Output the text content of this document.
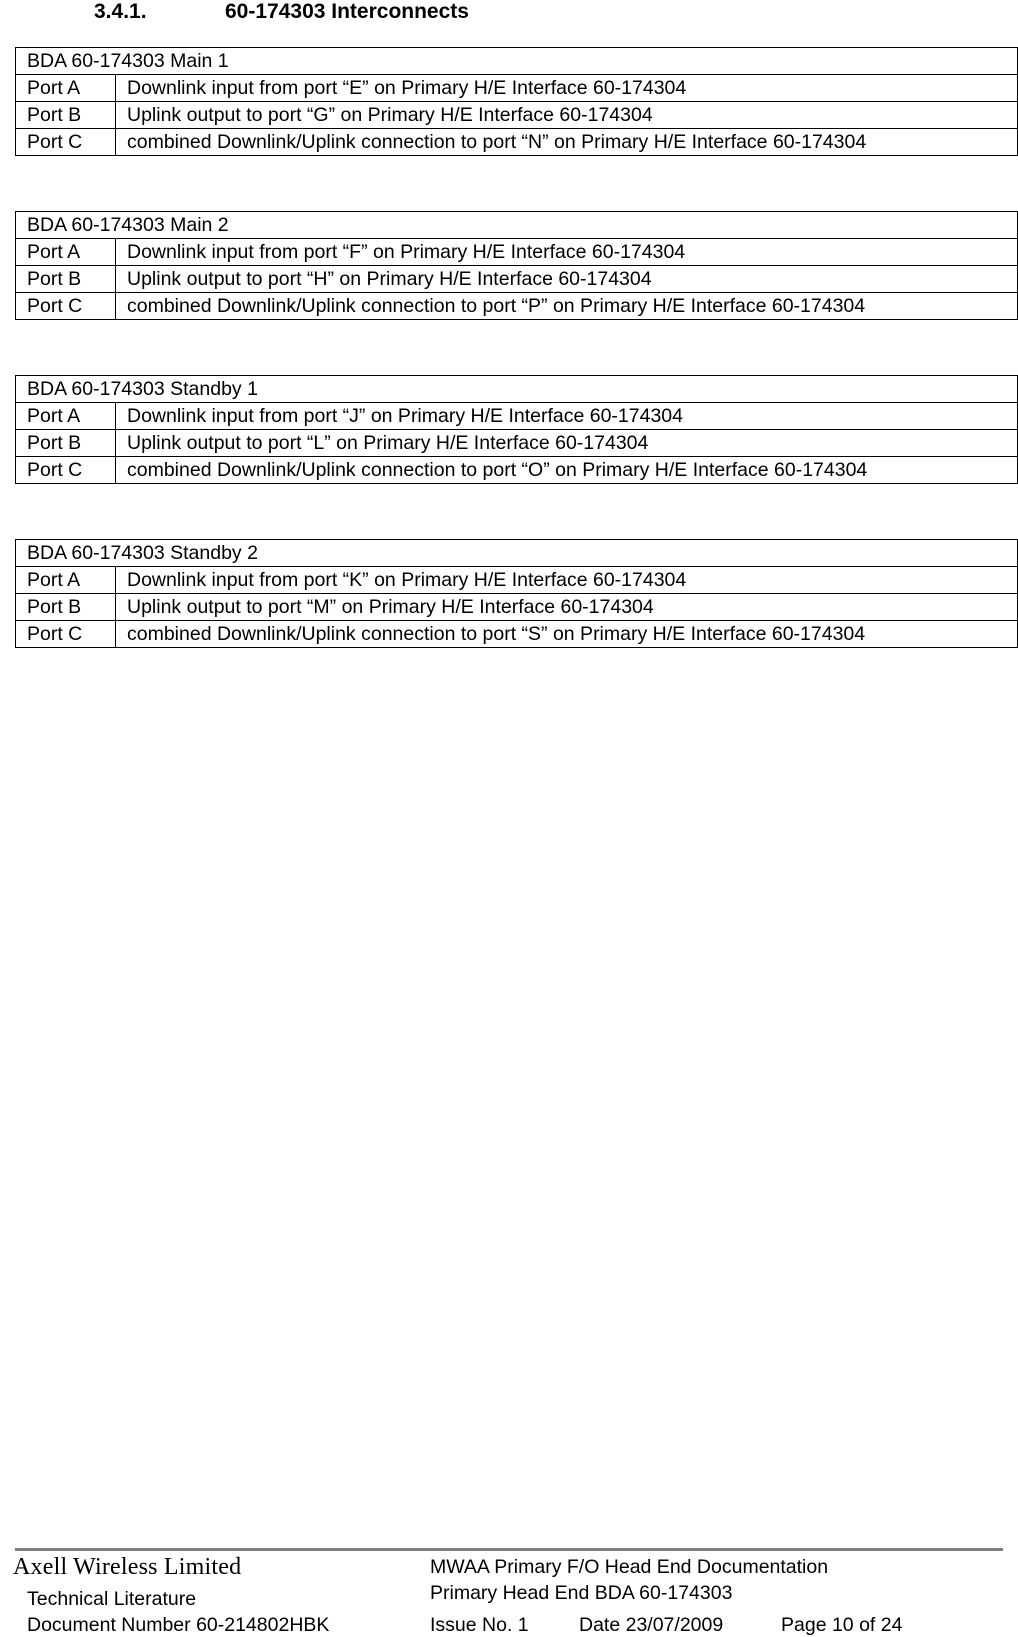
3.4.1.	60-174303 Interconnects
BDA 60-174303 Main 1	
Port A	Downlink input from port “E” on Primary H/E Interface 60-174304
Port B	Uplink output to port “G” on Primary H/E Interface 60-174304
Port C	combined Downlink/Uplink connection to port “N” on Primary H/E Interface 60-174304
BDA 60-174303 Main 2	
Port A	Downlink input from port “F” on Primary H/E Interface 60-174304
Port B	Uplink output to port “H” on Primary H/E Interface 60-174304
Port C	combined Downlink/Uplink connection to port “P” on Primary H/E Interface 60-174304
BDA 60-174303 Standby 1	
Port A	Downlink input from port “J” on Primary H/E Interface 60-174304
Port B	Uplink output to port “L” on Primary H/E Interface 60-174304
Port C	combined Downlink/Uplink connection to port “O” on Primary H/E Interface 60-174304
BDA 60-174303 Standby 2	
Port A	Downlink input from port “K” on Primary H/E Interface 60-174304
Port B	Uplink output to port “M” on Primary H/E Interface 60-174304
Port C	combined Downlink/Uplink connection to port “S” on Primary H/E Interface 60-174304
Axell Wireless Limited
Technical Literature
Document Number 60-214802HBK
MWAA Primary F/O Head End Documentation
Primary Head End BDA 60-174303
Issue No. 1	Date 23/07/2009	Page 10 of 24
